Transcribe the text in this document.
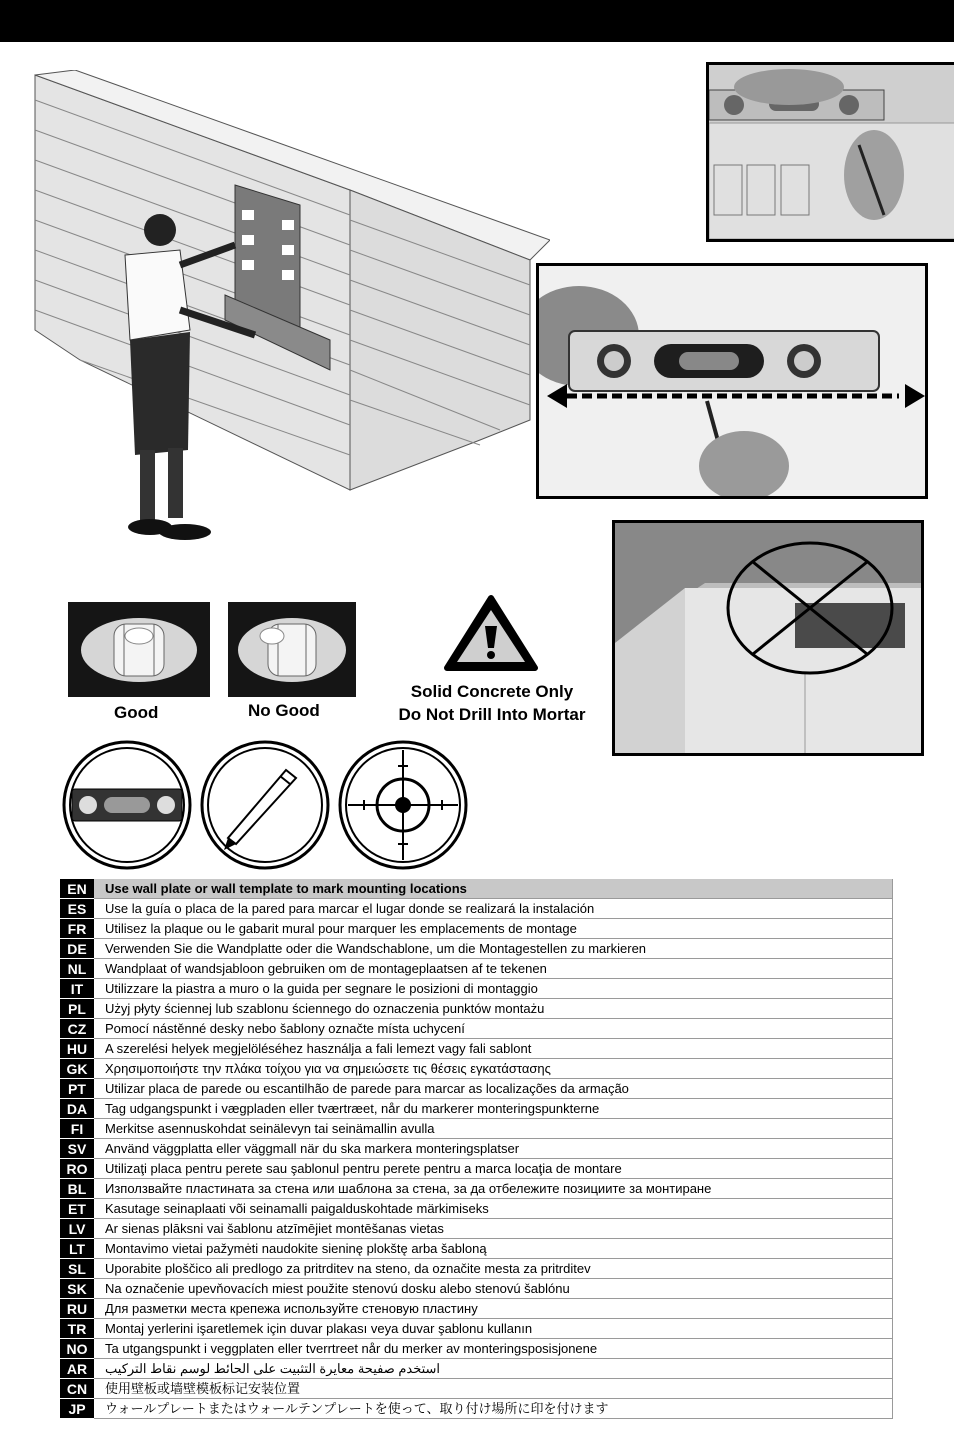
Good	No Good
Solid Concrete Only
Do Not Drill Into Mortar
EN		Use wall plate or wall template to mark mounting locations
ES		Use la guía o placa de la pared para marcar el lugar donde se realizará la instalación
FR		Utilisez la plaque ou le gabarit mural pour marquer les emplacements de montage
DE		Verwenden Sie die Wandplatte oder die Wandschablone, um die Montagestellen zu markieren
NL		Wandplaat of wandsjabloon gebruiken om de montageplaatsen af te tekenen
IT		Utilizzare la piastra a muro o la guida per segnare le posizioni di montaggio
PL		Użyj płyty ściennej lub szablonu ściennego do oznaczenia punktów montażu
CZ		Pomocí nástěnné desky nebo šablony označte místa uchycení
HU		A szerelési helyek megjelöléséhez használja a fali lemezt vagy fali sablont
GK		Χρησιμοποιήστε την πλάκα τοίχου για να σημειώσετε τις θέσεις εγκατάστασης
PT		Utilizar placa de parede ou escantilhão de parede para marcar as localizações da armação
DA		Tag udgangspunkt i vægpladen eller tværtræet, når du markerer monteringspunkterne
FI		Merkitse asennuskohdat seinälevyn tai seinämallin avulla
SV		Använd väggplatta eller väggmall när du ska markera monteringsplatser
RO		Utilizaţi placa pentru perete sau şablonul pentru perete pentru a marca locaţia de montare
BL		Използвайте пластината за стена или шаблона за стена, за да отбележите позициите за монтиране
ET		Kasutage seinaplaati või seinamalli paigalduskohtade märkimiseks
LV		Ar sienas plāksni vai šablonu atzīmējiet montēšanas vietas
LT		Montavimo vietai pažymėti naudokite sieninę plokštę arba šabloną
SL		Uporabite ploščico ali predlogo za pritrditev na steno, da označite mesta za pritrditev
SK		Na označenie upevňovacích miest použite stenovú dosku alebo stenovú šablónu
RU		Для разметки места крепежа используйте стеновую пластину
TR		Montaj yerlerini işaretlemek için duvar plakası veya duvar şablonu kullanın
NO		Ta utgangspunkt i veggplaten eller tverrtreet når du merker av monteringsposisjonene
AR		استخدم صفيحة معايرة التثبيت على الحائط لوسم نقاط التركيب
CN		使用壁板或墙壁模板标记安装位置
JP		ウォールプレートまたはウォールテンプレートを使って、取り付け場所に印を付けます
